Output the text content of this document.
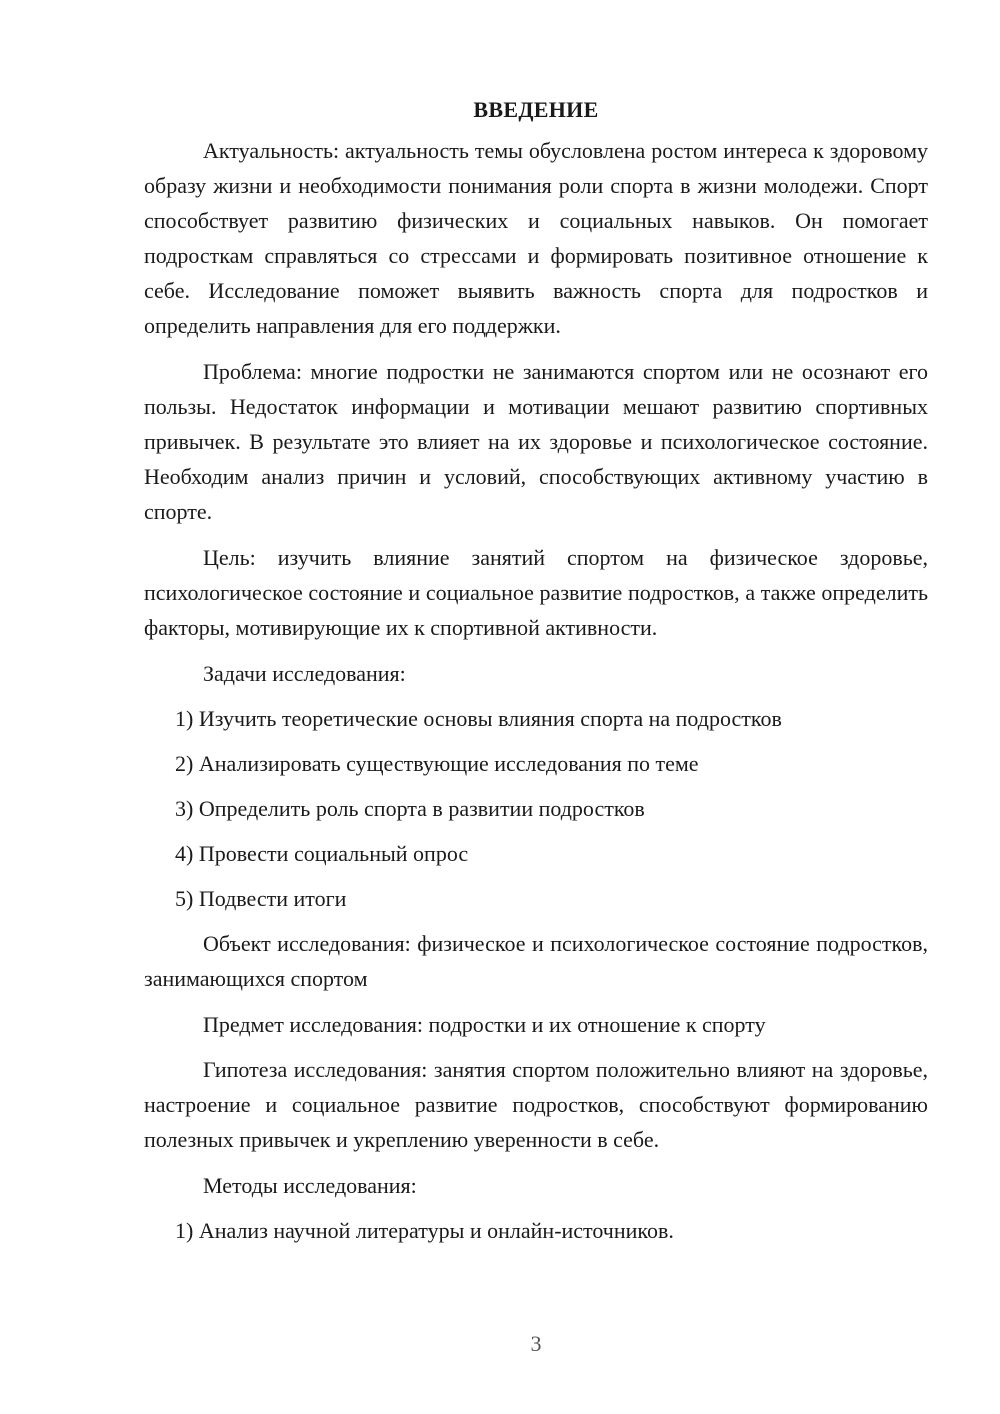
ВВЕДЕНИЕ

Актуальность: актуальность темы обусловлена ростом интереса к здоровому образу жизни и необходимости понимания роли спорта в жизни молодежи. Спорт способствует развитию физических и социальных навыков. Он помогает подросткам справляться со стрессами и формировать позитивное отношение к себе. Исследование поможет выявить важность спорта для подростков и определить направления для его поддержки.

Проблема: многие подростки не занимаются спортом или не осознают его пользы. Недостаток информации и мотивации мешают развитию спортивных привычек. В результате это влияет на их здоровье и психологическое состояние. Необходим анализ причин и условий, способствующих активному участию в спорте.

Цель: изучить влияние занятий спортом на физическое здоровье, психологическое состояние и социальное развитие подростков, а также определить факторы, мотивирующие их к спортивной активности.

Задачи исследования:

1) Изучить теоретические основы влияния спорта на подростков

2) Анализировать существующие исследования по теме

3) Определить роль спорта в развитии подростков

4) Провести социальный опрос

5) Подвести итоги

Объект исследования: физическое и психологическое состояние подростков, занимающихся спортом

Предмет исследования: подростки и их отношение к спорту

Гипотеза исследования: занятия спортом положительно влияют на здоровье, настроение и социальное развитие подростков, способствуют формированию полезных привычек и укреплению уверенности в себе.

Методы исследования:

1) Анализ научной литературы и онлайн-источников.

3
